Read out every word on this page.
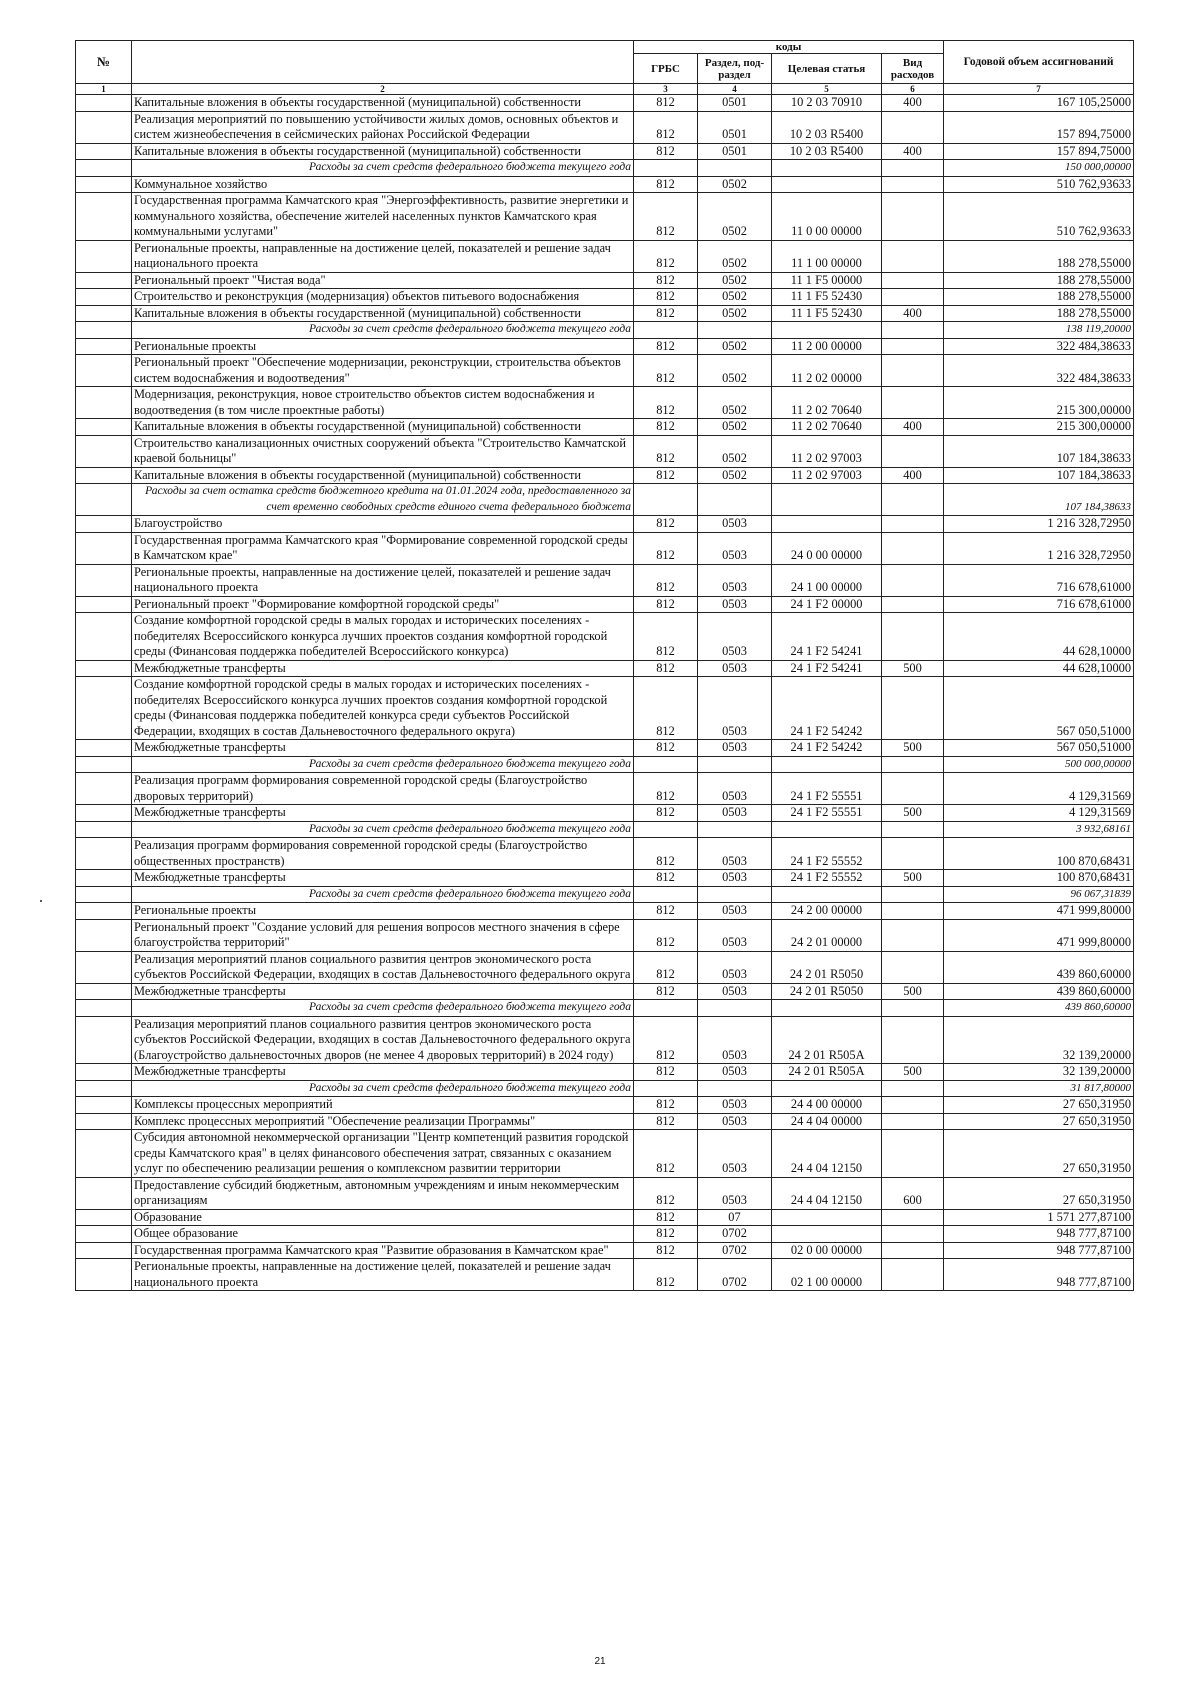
№		коды				Годовой объем ассигнований
		ГРБС	Раздел, под-раздел	Целевая статья	Вид расходов	
1	2	3	4	5	6	7
	Капитальные вложения в объекты государственной (муниципальной) собственности	812	0501	10 2 03 70910	400	167 105,25000
	Реализация мероприятий по повышению устойчивости жилых домов, основных объектов и систем жизнеобеспечения в сейсмических районах Российской Федерации	812	0501	10 2 03 R5400		157 894,75000
	Капитальные вложения в объекты государственной (муниципальной) собственности	812	0501	10 2 03 R5400	400	157 894,75000
	Расходы за счет средств федерального бюджета текущего года					150 000,00000
	Коммунальное хозяйство	812	0502			510 762,93633
	Государственная программа Камчатского края "Энергоэффективность, развитие энергетики и коммунального хозяйства, обеспечение жителей населенных пунктов Камчатского края коммунальными услугами"	812	0502	11 0 00 00000		510 762,93633
	Региональные проекты, направленные на достижение целей, показателей и решение задач национального проекта	812	0502	11 1 00 00000		188 278,55000
	Региональный проект "Чистая вода"	812	0502	11 1 F5 00000		188 278,55000
	Строительство и реконструкция (модернизация) объектов питьевого водоснабжения	812	0502	11 1 F5 52430		188 278,55000
	Капитальные вложения в объекты государственной (муниципальной) собственности	812	0502	11 1 F5 52430	400	188 278,55000
	Расходы за счет средств федерального бюджета текущего года					138 119,20000
	Региональные проекты	812	0502	11 2 00 00000		322 484,38633
	Региональный проект "Обеспечение модернизации, реконструкции, строительства объектов систем водоснабжения и водоотведения"	812	0502	11 2 02 00000		322 484,38633
	Модернизация, реконструкция, новое строительство объектов систем водоснабжения и водоотведения (в том числе проектные работы)	812	0502	11 2 02 70640		215 300,00000
	Капитальные вложения в объекты государственной (муниципальной) собственности	812	0502	11 2 02 70640	400	215 300,00000
	Строительство канализационных очистных сооружений объекта "Строительство Камчатской краевой больницы"	812	0502	11 2 02 97003		107 184,38633
	Капитальные вложения в объекты государственной (муниципальной) собственности	812	0502	11 2 02 97003	400	107 184,38633
	Расходы за счет остатка средств бюджетного кредита на 01.01.2024 года, предоставленного за счет временно свободных средств единого счета федерального бюджета					107 184,38633
	Благоустройство	812	0503			1 216 328,72950
	Государственная программа Камчатского края "Формирование современной городской среды в Камчатском крае"	812	0503	24 0 00 00000		1 216 328,72950
	Региональные проекты, направленные на достижение целей, показателей и решение задач национального проекта	812	0503	24 1 00 00000		716 678,61000
	Региональный проект "Формирование комфортной городской среды"	812	0503	24 1 F2 00000		716 678,61000
	Создание комфортной городской среды в малых городах и исторических поселениях - победителях Всероссийского конкурса лучших проектов создания комфортной городской среды (Финансовая поддержка победителей Всероссийского конкурса)	812	0503	24 1 F2 54241		44 628,10000
	Межбюджетные трансферты	812	0503	24 1 F2 54241	500	44 628,10000
	Создание комфортной городской среды в малых городах и исторических поселениях - победителях Всероссийского конкурса лучших проектов создания комфортной городской среды (Финансовая поддержка победителей конкурса среди субъектов Российской Федерации, входящих в состав Дальневосточного федерального округа)	812	0503	24 1 F2 54242		567 050,51000
	Межбюджетные трансферты	812	0503	24 1 F2 54242	500	567 050,51000
	Расходы за счет средств федерального бюджета текущего года					500 000,00000
	Реализация программ формирования современной городской среды (Благоустройство дворовых территорий)	812	0503	24 1 F2 55551		4 129,31569
	Межбюджетные трансферты	812	0503	24 1 F2 55551	500	4 129,31569
	Расходы за счет средств федерального бюджета текущего года					3 932,68161
	Реализация программ формирования современной городской среды (Благоустройство общественных пространств)	812	0503	24 1 F2 55552		100 870,68431
	Межбюджетные трансферты	812	0503	24 1 F2 55552	500	100 870,68431
	Расходы за счет средств федерального бюджета текущего года					96 067,31839
	Региональные проекты	812	0503	24 2 00 00000		471 999,80000
	Региональный проект "Создание условий для решения вопросов местного значения в сфере благоустройства территорий"	812	0503	24 2 01 00000		471 999,80000
	Реализация мероприятий планов социального развития центров экономического роста субъектов Российской Федерации, входящих в состав Дальневосточного федерального округа	812	0503	24 2 01 R5050		439 860,60000
	Межбюджетные трансферты	812	0503	24 2 01 R5050	500	439 860,60000
	Расходы за счет средств федерального бюджета текущего года					439 860,60000
	Реализация мероприятий планов социального развития центров экономического роста субъектов Российской Федерации, входящих в состав Дальневосточного федерального округа (Благоустройство дальневосточных дворов (не менее 4 дворовых территорий) в 2024 году)	812	0503	24 2 01 R505A		32 139,20000
	Межбюджетные трансферты	812	0503	24 2 01 R505A	500	32 139,20000
	Расходы за счет средств федерального бюджета текущего года					31 817,80000
	Комплексы процессных мероприятий	812	0503	24 4 00 00000		27 650,31950
	Комплекс процессных мероприятий "Обеспечение реализации Программы"	812	0503	24 4 04 00000		27 650,31950
	Субсидия автономной некоммерческой организации "Центр компетенций развития городской среды Камчатского края" в целях финансового обеспечения затрат, связанных с оказанием услуг по обеспечению реализации решения о комплексном развитии территории	812	0503	24 4 04 12150		27 650,31950
	Предоставление субсидий бюджетным, автономным учреждениям и иным некоммерческим организациям	812	0503	24 4 04 12150	600	27 650,31950
	Образование	812	07			1 571 277,87100
	Общее образование	812	0702			948 777,87100
	Государственная программа Камчатского края "Развитие образования в Камчатском крае"	812	0702	02 0 00 00000		948 777,87100
	Региональные проекты, направленные на достижение целей, показателей и решение задач национального проекта	812	0702	02 1 00 00000		948 777,87100
21
